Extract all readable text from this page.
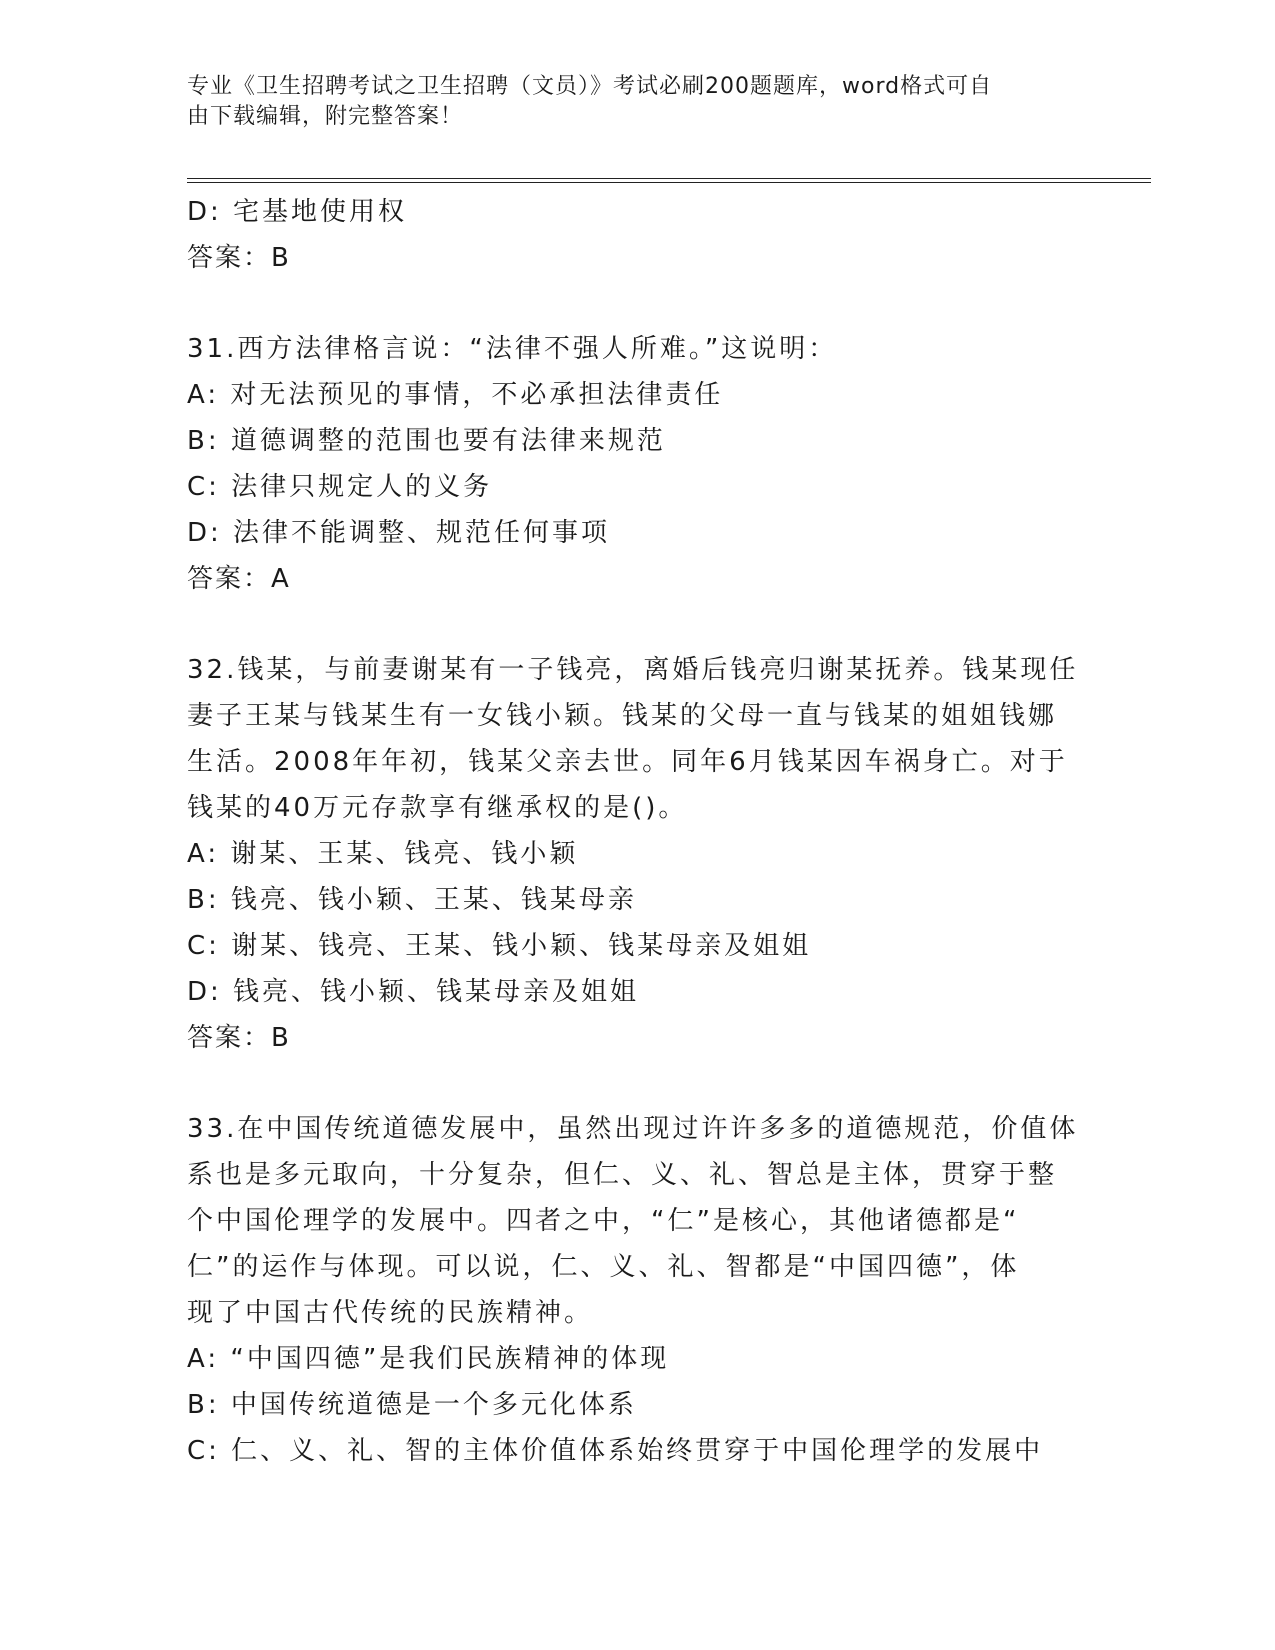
专业《卫生招聘考试之卫生招聘（文员）》考试必刷200题题库，word格式可自
由下载编辑，附完整答案！
D: 宅基地使用权
答案：B
31.西方法律格言说：“法律不强人所难。”这说明：
A: 对无法预见的事情，不必承担法律责任
B: 道德调整的范围也要有法律来规范
C: 法律只规定人的义务
D: 法律不能调整、规范任何事项
答案：A
32.钱某，与前妻谢某有一子钱亮，离婚后钱亮归谢某抚养。钱某现任
妻子王某与钱某生有一女钱小颖。钱某的父母一直与钱某的姐姐钱娜
生活。2008年年初，钱某父亲去世。同年6月钱某因车祸身亡。对于
钱某的40万元存款享有继承权的是()。
A: 谢某、王某、钱亮、钱小颖
B: 钱亮、钱小颖、王某、钱某母亲
C: 谢某、钱亮、王某、钱小颖、钱某母亲及姐姐
D: 钱亮、钱小颖、钱某母亲及姐姐
答案：B
33.在中国传统道德发展中，虽然出现过许许多多的道德规范，价值体
系也是多元取向，十分复杂，但仁、义、礼、智总是主体，贯穿于整
个中国伦理学的发展中。四者之中，“仁”是核心，其他诸德都是“
仁”的运作与体现。可以说，仁、义、礼、智都是“中国四德”，体
现了中国古代传统的民族精神。
A: “中国四德”是我们民族精神的体现
B: 中国传统道德是一个多元化体系
C: 仁、义、礼、智的主体价值体系始终贯穿于中国伦理学的发展中
